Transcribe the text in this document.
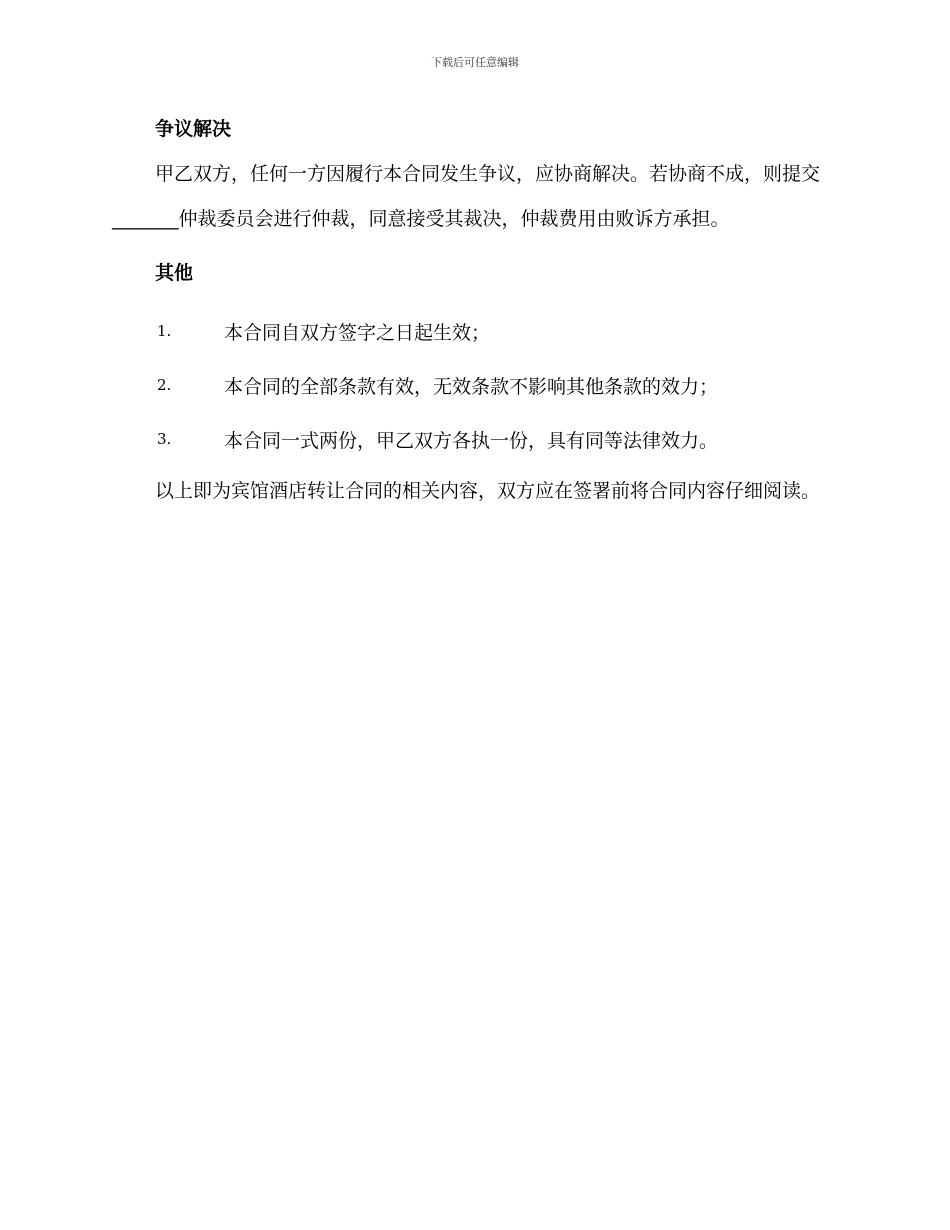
下载后可任意编辑
争议解决

甲乙双方，任何一方因履行本合同发生争议，应协商解决。若协商不成，则提交_______仲裁委员会进行仲裁，同意接受其裁决，仲裁费用由败诉方承担。

其他
1.	本合同自双方签字之日起生效；
2.	本合同的全部条款有效，无效条款不影响其他条款的效力；
3.	本合同一式两份，甲乙双方各执一份，具有同等法律效力。

以上即为宾馆酒店转让合同的相关内容，双方应在签署前将合同内容仔细阅读。
